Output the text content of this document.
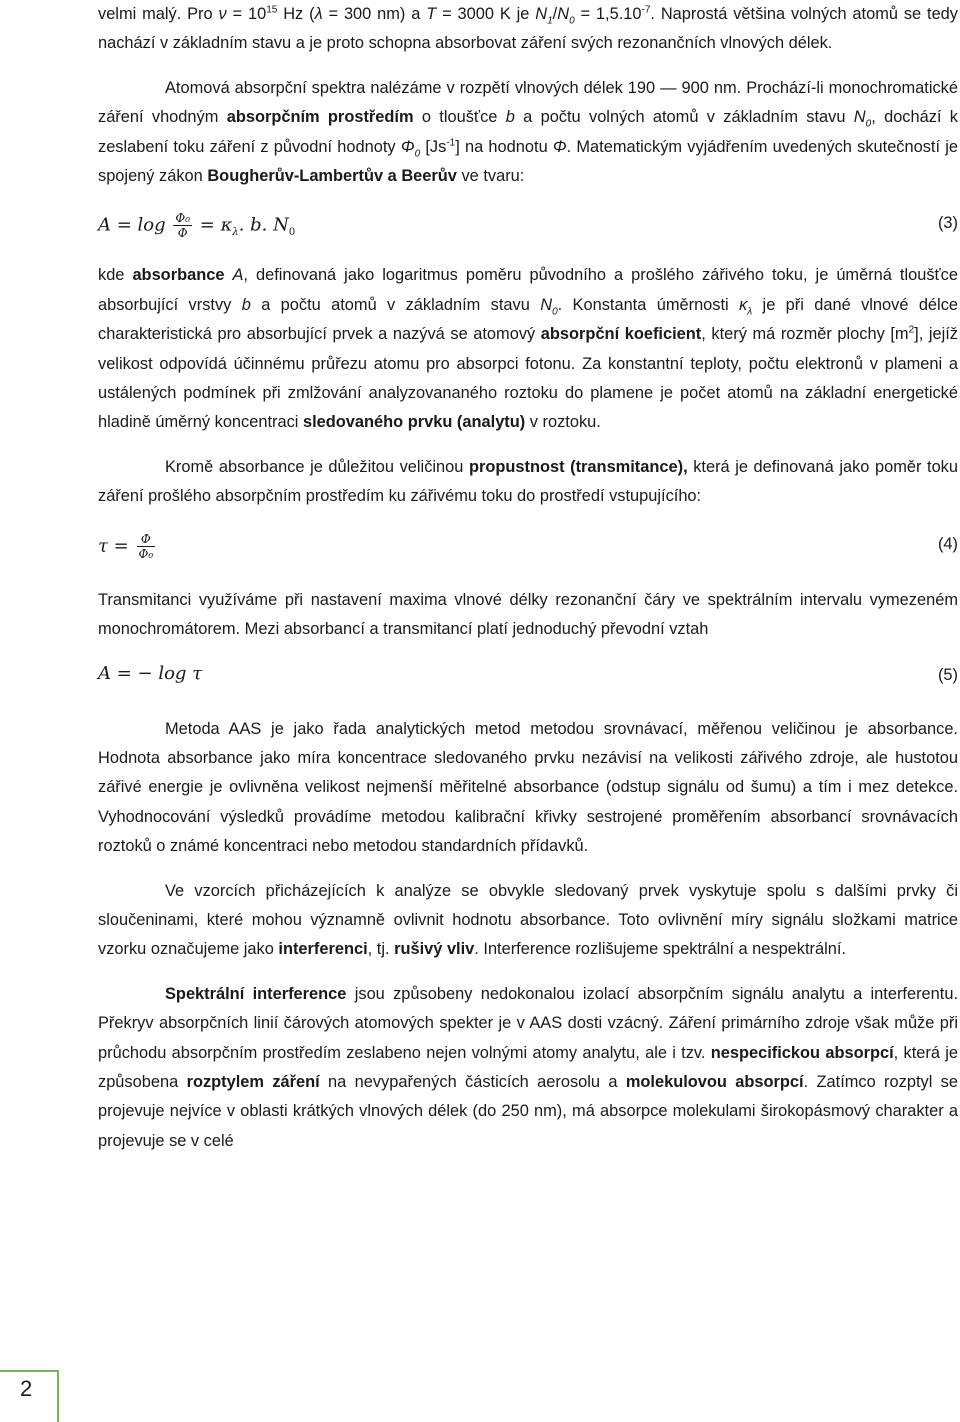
velmi malý. Pro $\nu = 10^{15}$ Hz (λ = 300 nm) a T = 3000 K je $N_1/N_0 = 1,5.10^{-7}$. Naprostá většina volných atomů se tedy nachází v základním stavu a je proto schopna absorbovat záření svých rezonančních vlnových délek.

Atomová absorpční spektra nalézáme v rozpětí vlnových délek 190 — 900 nm. Prochází-li monochromatické záření vhodným absorpčním prostředím o tloušťce b a počtu volných atomů v základním stavu $N_0$, dochází k zeslabení toku záření z původní hodnoty $\Phi_0$ $[Js^{-1}]$ na hodnotu Φ. Matematickým vyjádřením uvedených skutečností je spojený zákon Bougherův-Lambertův a Beerův ve tvaru:

$A = \log \frac{\text{Φ₀}}{\Phi} = \kappa_\lambda$. b. $N_0$
(3)

kde absorbance A, definovaná jako logaritmus poměru původního a prošlého zářivého toku, je úměrná tloušťce absorbující vrstvy b a počtu atomů v základním stavu $N_0$. Konstanta úměrnosti $\kappa_\lambda$ je při dané vlnové délce charakteristická pro absorbující prvek a nazývá se atomový absorpční koeficient, který má rozměr plochy $[m^2]$, jejíž velikost odpovídá účinnému průřezu atomu pro absorpci fotonu. Za konstantní teploty, počtu elektronů v plameni a ustálených podmínek při zmlžování analyzovananého roztoku do plamene je počet atomů na základní energetické hladině úměrný koncentraci sledovaného prvku (analytu) v roztoku.

Kromě absorbance je důležitou veličinou propustnost (transmitance), která je definovaná jako poměr toku záření prošlého absorpčním prostředím ku zářivému toku do prostředí vstupujícího:

$\tau = \frac{\Phi}{\text{Φ₀}}$	(4)

Transmitanci využíváme při nastavení maxima vlnové délky rezonanční čáry ve spektrálním intervalu vymezeném monochromátorem. Mezi absorbancí a transmitancí platí jednoduchý převodní vztah

A = − log τ	(5)

Metoda AAS je jako řada analytických metod metodou srovnávací, měřenou veličinou je absorbance. Hodnota absorbance jako míra koncentrace sledovaného prvku nezávisí na velikosti zářivého zdroje, ale hustotou zářivé energie je ovlivněna velikost nejmenší měřitelné absorbance (odstup signálu od šumu) a tím i mez detekce. Vyhodnocování výsledků provádíme metodou kalibrační křivky sestrojené proměřením absorbancí srovnávacích roztoků o známé koncentraci nebo metodou standardních přídavků.

Ve vzorcích přicházejících k analýze se obvykle sledovaný prvek vyskytuje spolu s dalšími prvky či sloučeninami, které mohou významně ovlivnit hodnotu absorbance. Toto ovlivnění míry signálu složkami matrice vzorku označujeme jako interferenci, tj. rušivý vliv. Interference rozlišujeme spektrální a nespektrální.

Spektrální interference jsou způsobeny nedokonalou izolací absorpčním signálu analytu a interferentu. Překryv absorpčních linií čárových atomových spekter je v AAS dosti vzácný. Záření primárního zdroje však může při průchodu absorpčním prostředím zeslabeno nejen volnými atomy analytu, ale i tzv. nespecifickou absorpcí, která je způsobena rozptylem záření na nevypařených částicích aerosolu a molekulovou absorpcí. Zatímco rozptyl se projevuje nejvíce v oblasti krátkých vlnových délek (do 250 nm), má absorpce molekulami širokopásmový charakter a projevuje se v celé

2
